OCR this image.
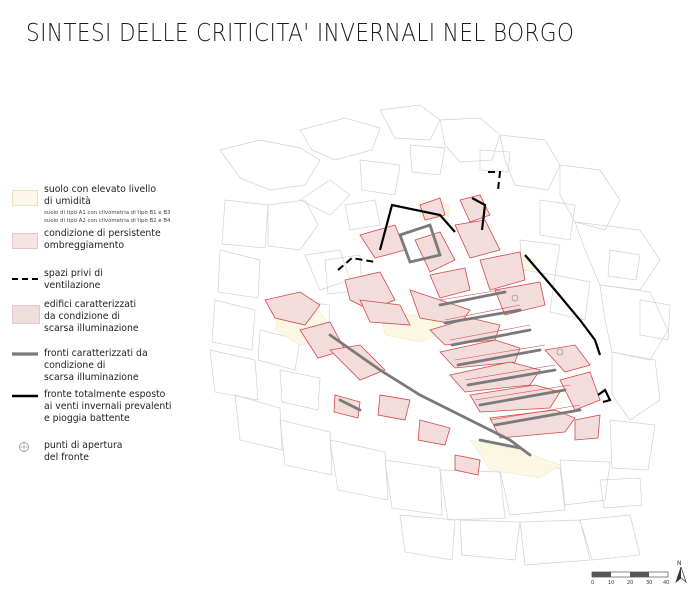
SINTESI DELLE CRITICITA' INVERNALI NEL BORGO
suolo con elevato livello
di umidità
suolo di tipo A1 con clivometria di tipo B1 e B3
suolo di tipo A2 con clivometria di tipo B2 e B4
condizione di persistente
ombreggiamento
spazi privi di
ventilazione
edifici caratterizzati
da condizione di
scarsa illuminazione
fronti caratterizzati da
condizione di
scarsa illuminazione
fronte totalmente esposto
ai venti invernali prevalenti
e pioggia battente
punti di apertura
del fronte
0	10	20	30 40
N
